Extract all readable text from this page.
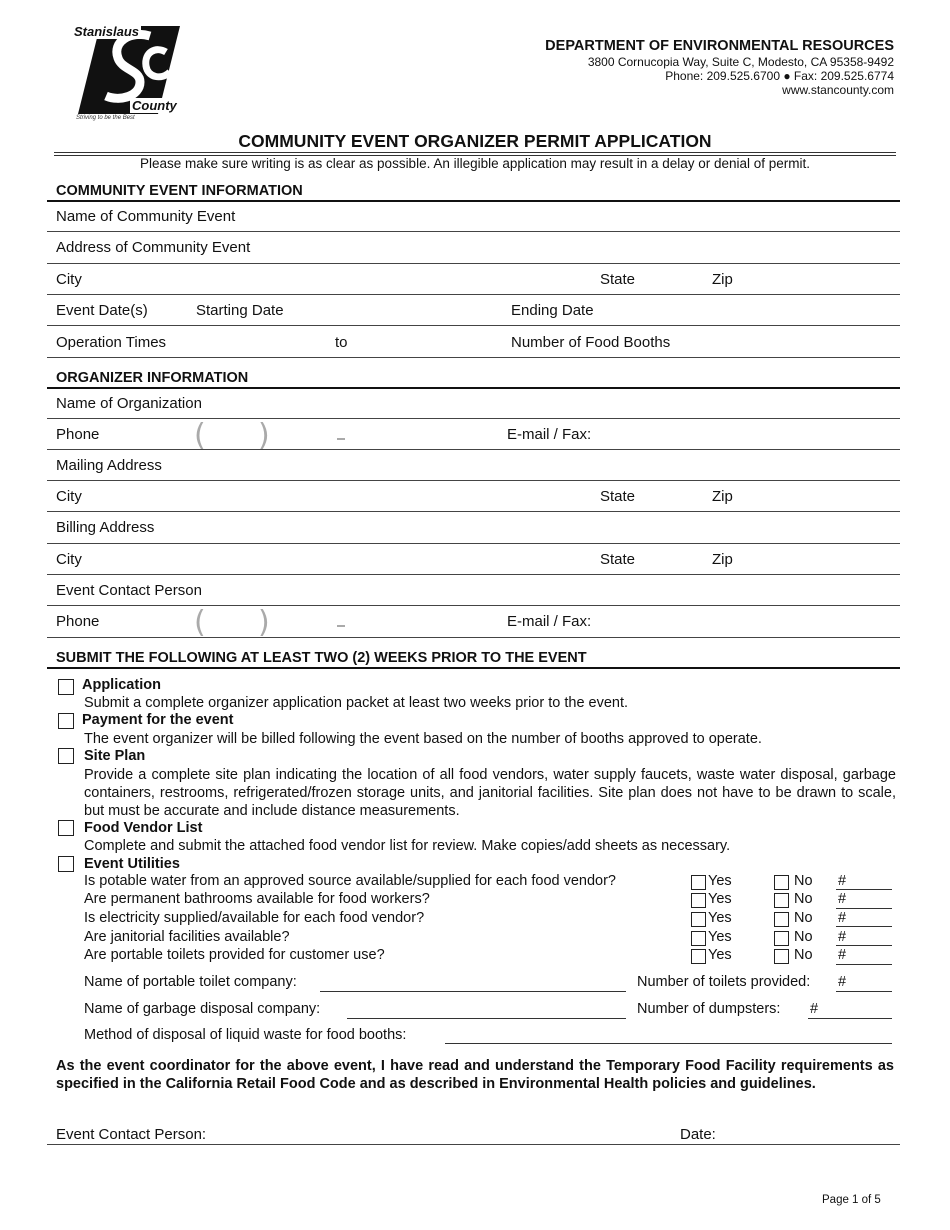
Stanislaus
County
Striving to be the Best
DEPARTMENT OF ENVIRONMENTAL RESOURCES
3800 Cornucopia Way, Suite C, Modesto, CA 95358-9492
Phone: 209.525.6700 ● Fax: 209.525.6774
www.stancounty.com
COMMUNITY EVENT ORGANIZER PERMIT APPLICATION
Please make sure writing is as clear as possible. An illegible application may result in a delay or denial of permit.
COMMUNITY EVENT INFORMATION
Name of Community Event
Address of Community Event
City	State	Zip
Event Date(s)	Starting Date	Ending Date
Operation Times	to	Number of Food Booths
ORGANIZER INFORMATION
Name of Organization
Phone	( )	E-mail / Fax:
Mailing Address
City	State	Zip
Billing Address
City	State	Zip
Event Contact Person
Phone	( )	E-mail / Fax:
SUBMIT THE FOLLOWING AT LEAST TWO (2) WEEKS PRIOR TO THE EVENT
Application
Submit a complete organizer application packet at least two weeks prior to the event.
Payment for the event
The event organizer will be billed following the event based on the number of booths approved to operate.
Site Plan
Provide a complete site plan indicating the location of all food vendors, water supply faucets, waste water disposal, garbage containers, restrooms, refrigerated/frozen storage units, and janitorial facilities. Site plan does not have to be drawn to scale, but must be accurate and include distance measurements.
Food Vendor List
Complete and submit the attached food vendor list for review. Make copies/add sheets as necessary.
Event Utilities
Is potable water from an approved source available/supplied for each food vendor?	Yes	No #
Are permanent bathrooms available for food workers?	Yes	No #
Is electricity supplied/available for each food vendor?	Yes	No #
Are janitorial facilities available?	Yes	No #
Are portable toilets provided for customer use?	Yes	No #
Name of portable toilet company:	Number of toilets provided: #
Name of garbage disposal company:	Number of dumpsters: #
Method of disposal of liquid waste for food booths:
As the event coordinator for the above event, I have read and understand the Temporary Food Facility requirements as specified in the California Retail Food Code and as described in Environmental Health policies and guidelines.
Event Contact Person:	Date:
Page 1 of 5
